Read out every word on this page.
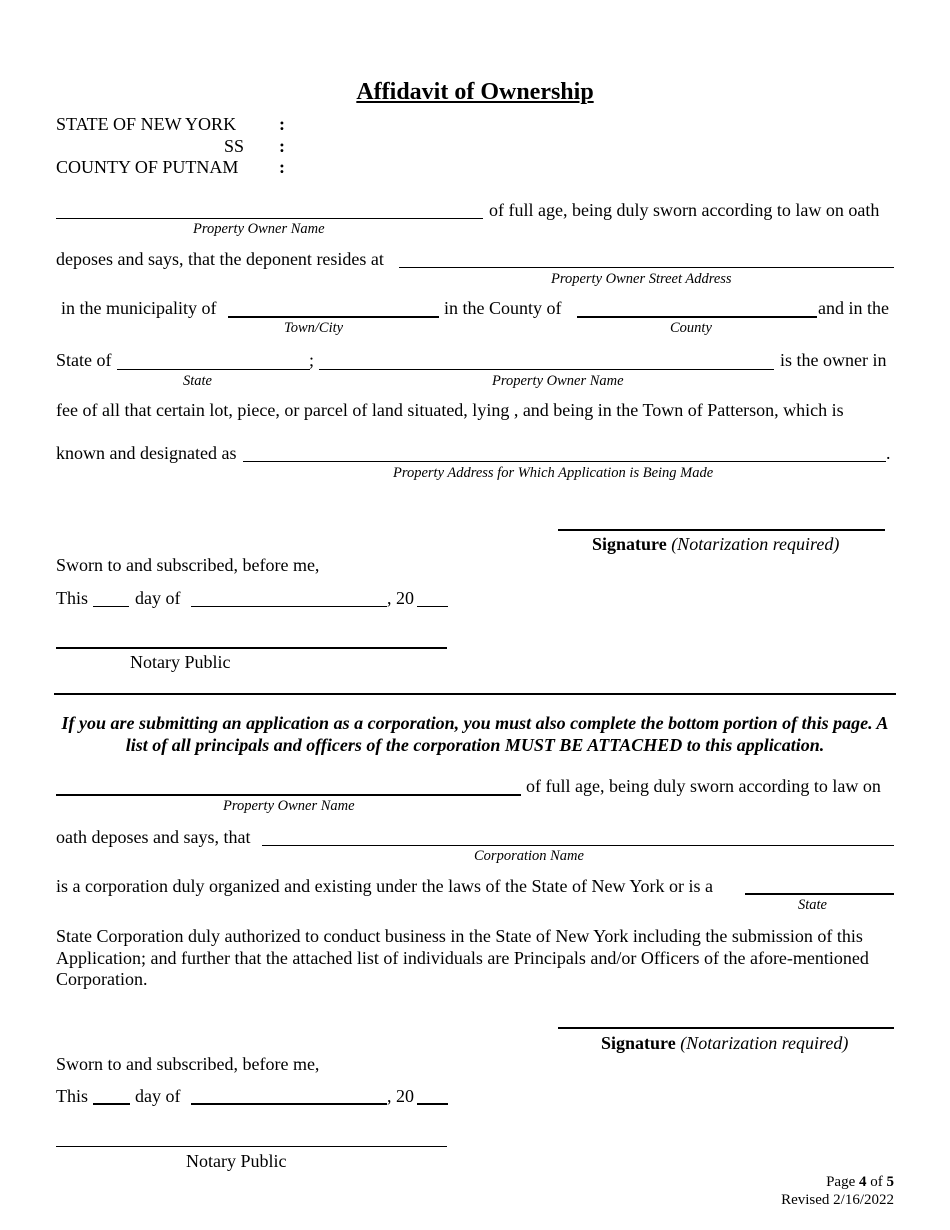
Affidavit of Ownership
STATE OF NEW YORK :
SS :
COUNTY OF PUTNAM :
of full age, being duly sworn according to law on oath
Property Owner Name
deposes and says, that the deponent resides at
Property Owner Street Address
in the municipality of	in the County of	and in the
Town/City	County
State of	;	is the owner in
State	Property Owner Name
fee of all that certain lot, piece, or parcel of land situated, lying , and being in the Town of Patterson, which is
known and designated as	.
Property Address for Which Application is Being Made
Signature (Notarization required)
Sworn to and subscribed, before me,
This	day of	, 20
Notary Public
If you are submitting an application as a corporation, you must also complete the bottom portion of this page. A list of all principals and officers of the corporation MUST BE ATTACHED to this application.
of full age, being duly sworn according to law on
Property Owner Name
oath deposes and says, that
Corporation Name
is a corporation duly organized and existing under the laws of the State of New York or is a
State
State Corporation duly authorized to conduct business in the State of New York including the submission of this Application; and further that the attached list of individuals are Principals and/or Officers of the afore-mentioned Corporation.
Signature (Notarization required)
Sworn to and subscribed, before me,
This	day of	, 20
Notary Public
Page 4 of 5
Revised 2/16/2022
